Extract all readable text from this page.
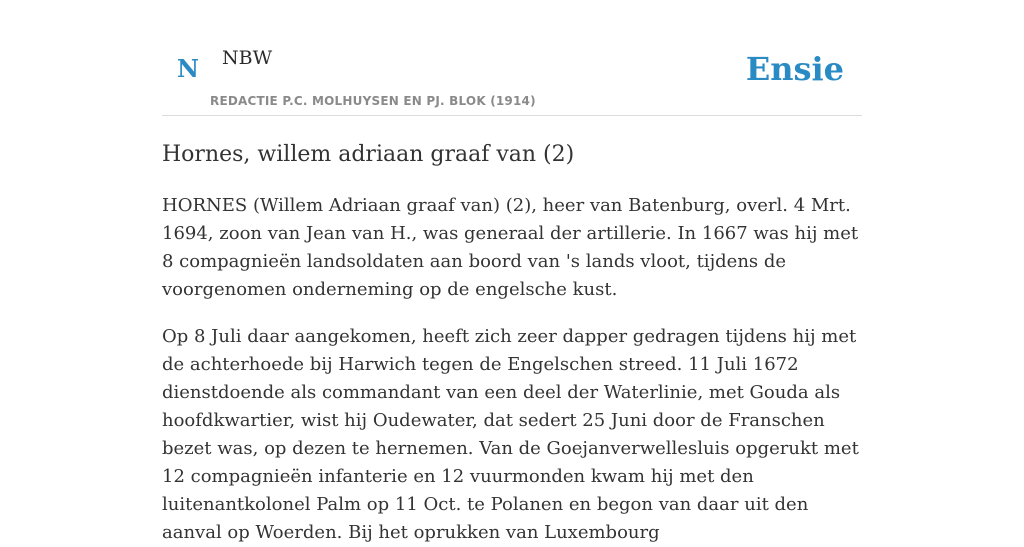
N NBW
REDACTIE P.C. MOLHUYSEN EN PJ. BLOK (1914)
Ensie
Hornes, willem adriaan graaf van (2)

HORNES (Willem Adriaan graaf van) (2), heer van Batenburg, overl. 4 Mrt. 1694, zoon van Jean van H., was generaal der artillerie. In 1667 was hij met 8 compagnieën landsoldaten aan boord van 's lands vloot, tijdens de voorgenomen onderneming op de engelsche kust.

Op 8 Juli daar aangekomen, heeft zich zeer dapper gedragen tijdens hij met de achterhoede bij Harwich tegen de Engelschen streed. 11 Juli 1672 dienstdoende als commandant van een deel der Waterlinie, met Gouda als hoofdkwartier, wist hij Oudewater, dat sedert 25 Juni door de Franschen bezet was, op dezen te hernemen. Van de Goejanverwellesluis opgerukt met 12 compagnieën infanterie en 12 vuurmonden kwam hij met den luitenantkolonel Palm op 11 Oct. te Polanen en begon van daar uit den aanval op Woerden. Bij het oprukken van Luxembourg
